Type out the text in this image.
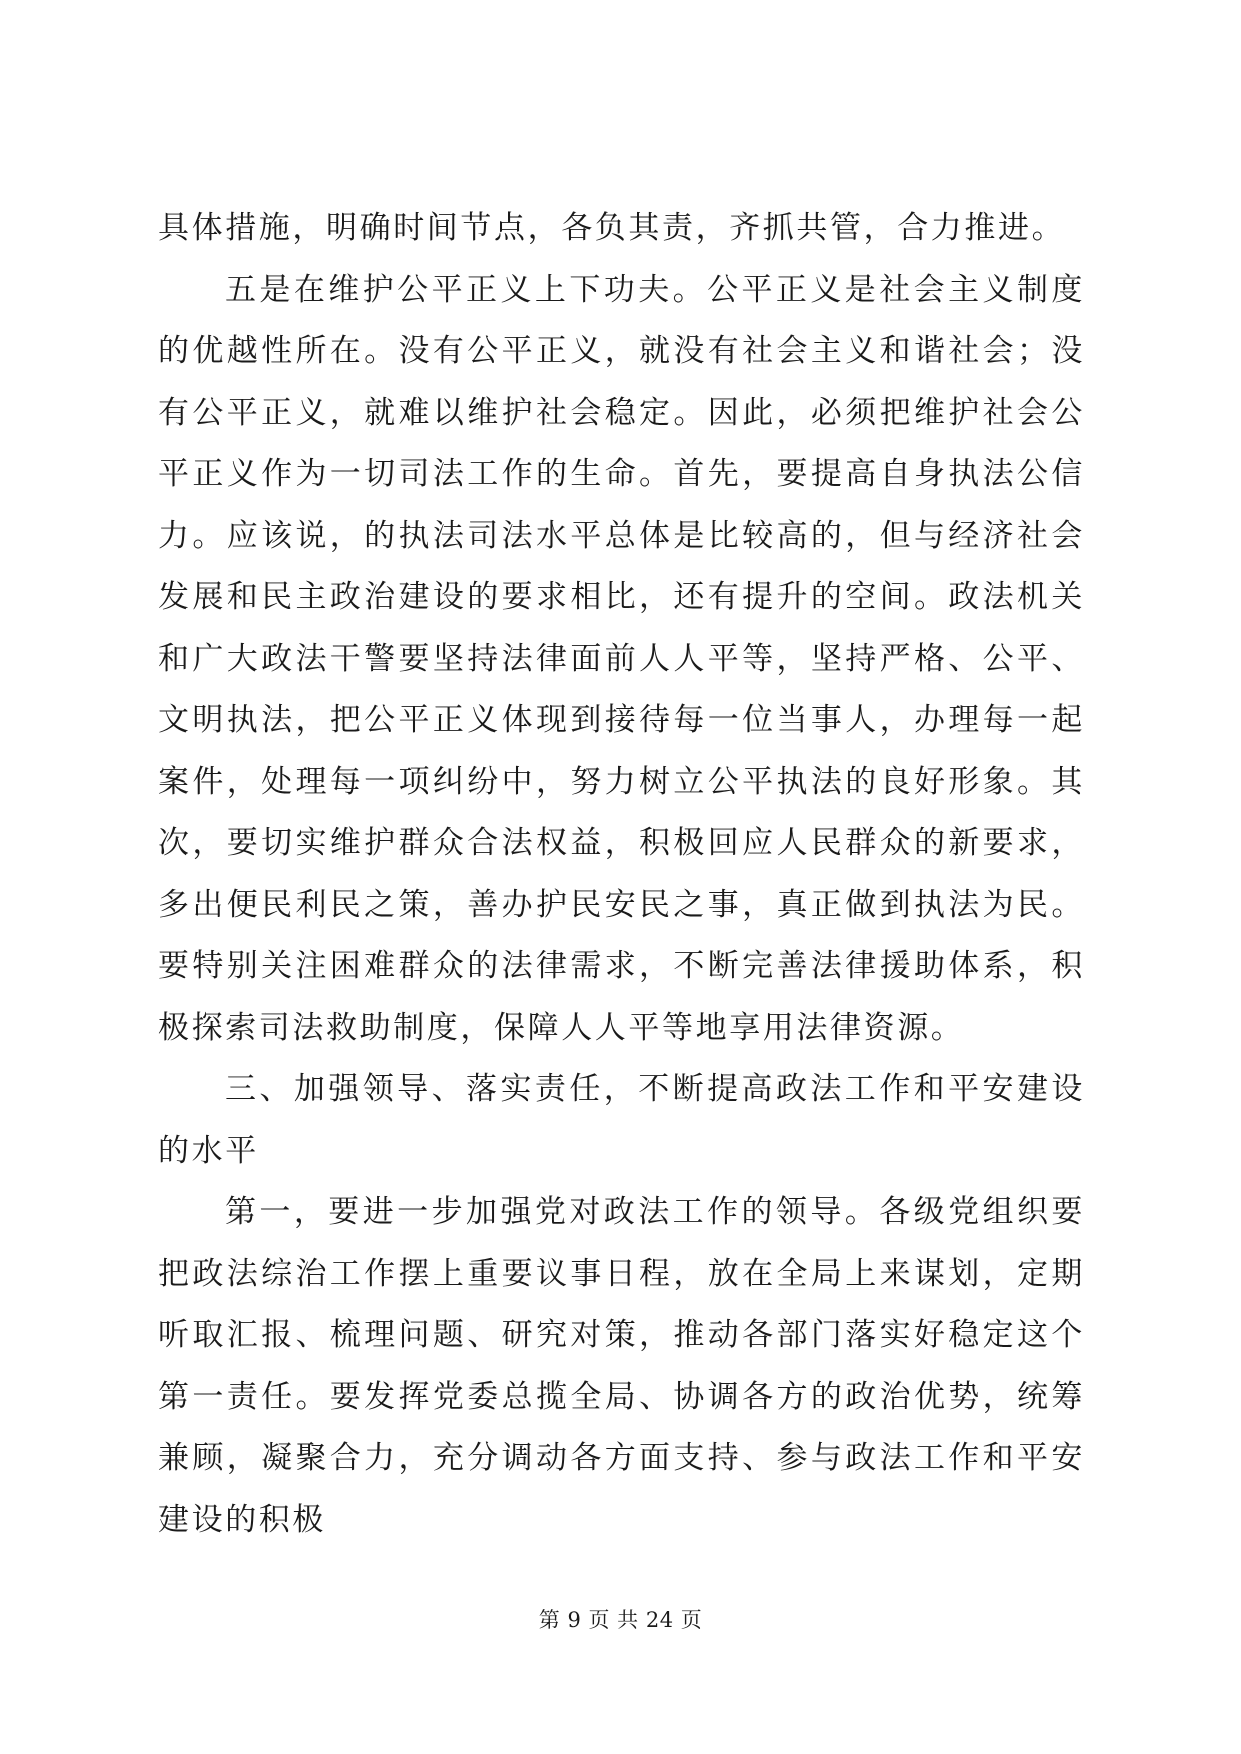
具体措施，明确时间节点，各负其责，齐抓共管，合力推进。

五是在维护公平正义上下功夫。公平正义是社会主义制度的优越性所在。没有公平正义，就没有社会主义和谐社会；没有公平正义，就难以维护社会稳定。因此，必须把维护社会公平正义作为一切司法工作的生命。首先，要提高自身执法公信力。应该说，的执法司法水平总体是比较高的，但与经济社会发展和民主政治建设的要求相比，还有提升的空间。政法机关和广大政法干警要坚持法律面前人人平等，坚持严格、公平、文明执法，把公平正义体现到接待每一位当事人，办理每一起案件，处理每一项纠纷中，努力树立公平执法的良好形象。其次，要切实维护群众合法权益，积极回应人民群众的新要求，多出便民利民之策，善办护民安民之事，真正做到执法为民。要特别关注困难群众的法律需求，不断完善法律援助体系，积极探索司法救助制度，保障人人平等地享用法律资源。

三、加强领导、落实责任，不断提高政法工作和平安建设的水平

第一，要进一步加强党对政法工作的领导。各级党组织要把政法综治工作摆上重要议事日程，放在全局上来谋划，定期听取汇报、梳理问题、研究对策，推动各部门落实好稳定这个第一责任。要发挥党委总揽全局、协调各方的政治优势，统筹兼顾，凝聚合力，充分调动各方面支持、参与政法工作和平安建设的积极

第 9 页 共 24 页
